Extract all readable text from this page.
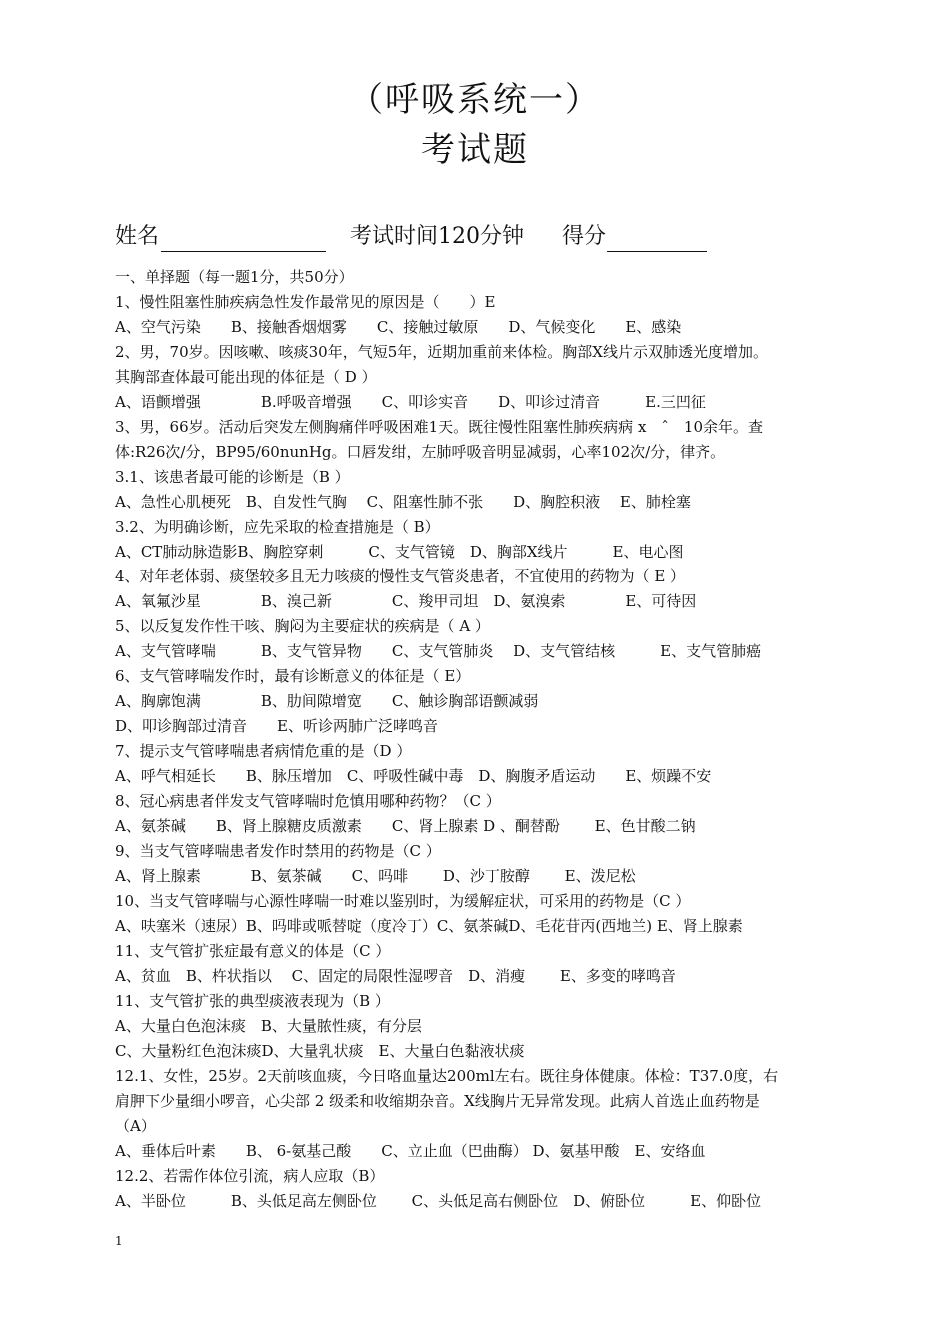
（呼吸系统一）
考试题
姓名	考试时间120分钟 得分
一、单择题（每一题1分，共50分）
1、慢性阻塞性肺疾病急性发作最常见的原因是（　　）E
A、空气污染　　B、接触香烟烟雾　　C、接触过敏原　　D、气候变化　　E、感染
2、男，70岁。因咳嗽、咳痰30年，气短5年，近期加重前来体检。胸部X线片示双肺透光度增加。
其胸部查体最可能出现的体征是（ D ）
A、语颤增强　　　　B.呼吸音增强　　C、叩诊实音　　D、叩诊过清音　　　E.三凹征
3、男，66岁。活动后突发左侧胸痛伴呼吸困难1天。既往慢性阻塞性肺疾病病 x　ˆ　10余年。查
体:R26次/分，BP95/60nunHg。口唇发绀，左肺呼吸音明显减弱，心率102次/分，律齐。
3.1、该患者最可能的诊断是（B ）
A、急性心肌梗死　B、自发性气胸　 C、阻塞性肺不张　　D、胸腔积液　 E、肺栓塞
3.2、为明确诊断，应先采取的检查措施是（ B）
A、CT肺动脉造影B、胸腔穿刺　　　C、支气管镜　D、胸部X线片　　　E、电心图
A、氧氟沙星　　　　B、溴己新　　　　C、羧甲司坦　D、氨溴索　　　　E、可待因
5、以反复发作性干咳、胸闷为主要症状的疾病是（ A ）
A、支气管哮喘　　　B、支气管异物　　C、支气管肺炎　 D、支气管结核　　　E、支气管肺癌
6、支气管哮喘发作时，最有诊断意义的体征是（ E）
A、胸廓饱满　　　　B、肋间隙增宽　　C、触诊胸部语颤减弱
D、叩诊胸部过清音　　E、听诊两肺广泛哮鸣音
7、提示支气管哮喘患者病情危重的是（D ）
A、呼气相延长　　B、脉压增加　C、呼吸性碱中毒　D、胸腹矛盾运动　　E、烦躁不安
8、冠心病患者伴发支气管哮喘时危慎用哪种药物？（C ）
A、氨茶碱　　B、肾上腺糖皮质激素　　C、肾上腺素 D 、酮替酚　　 E、色甘酸二钠
9、当支气管哮喘患者发作时禁用的药物是（C ）
A、肾上腺素　　　 B、氨茶碱　　C、吗啡　　 D、沙丁胺醇　　 E、泼尼松
10、当支气管哮喘与心源性哮喘一时难以鉴别时，为缓解症状，可采用的药物是（C ）
A、呋塞米（速尿）B、吗啡或哌替啶（度冷丁）C、氨茶碱D、毛花苷丙(西地兰) E、肾上腺素
11、支气管扩张症最有意义的体是（C ）
A、贫血　B、杵状指以　 C、固定的局限性湿啰音　D、消瘦　　 E、多变的哮鸣音
11、支气管扩张的典型痰液表现为（B ）
A、大量白色泡沫痰　B、大量脓性痰，有分层
C、大量粉红色泡沫痰D、大量乳状痰　E、大量白色黏液状痰
12.1、女性，25岁。2天前咳血痰，今日咯血量达200ml左右。既往身体健康。体检：T37.0度，右
肩胛下少量细小啰音，心尖部 2 级柔和收缩期杂音。X线胸片无异常发现。此病人首选止血药物是
（A）
A、垂体后叶素　　B、 6-氨基己酸　　C、立止血（巴曲酶） D、氨基甲酸　E、安络血
12.2、若需作体位引流，病人应取（B）
A、半卧位　　　B、头低足高左侧卧位　　 C、头低足高右侧卧位　D、俯卧位　　　E、仰卧位
4、对年老体弱、痰堡较多且无力咳痰的慢性支气管炎患者，不宜使用的药物为（ E ）
1
